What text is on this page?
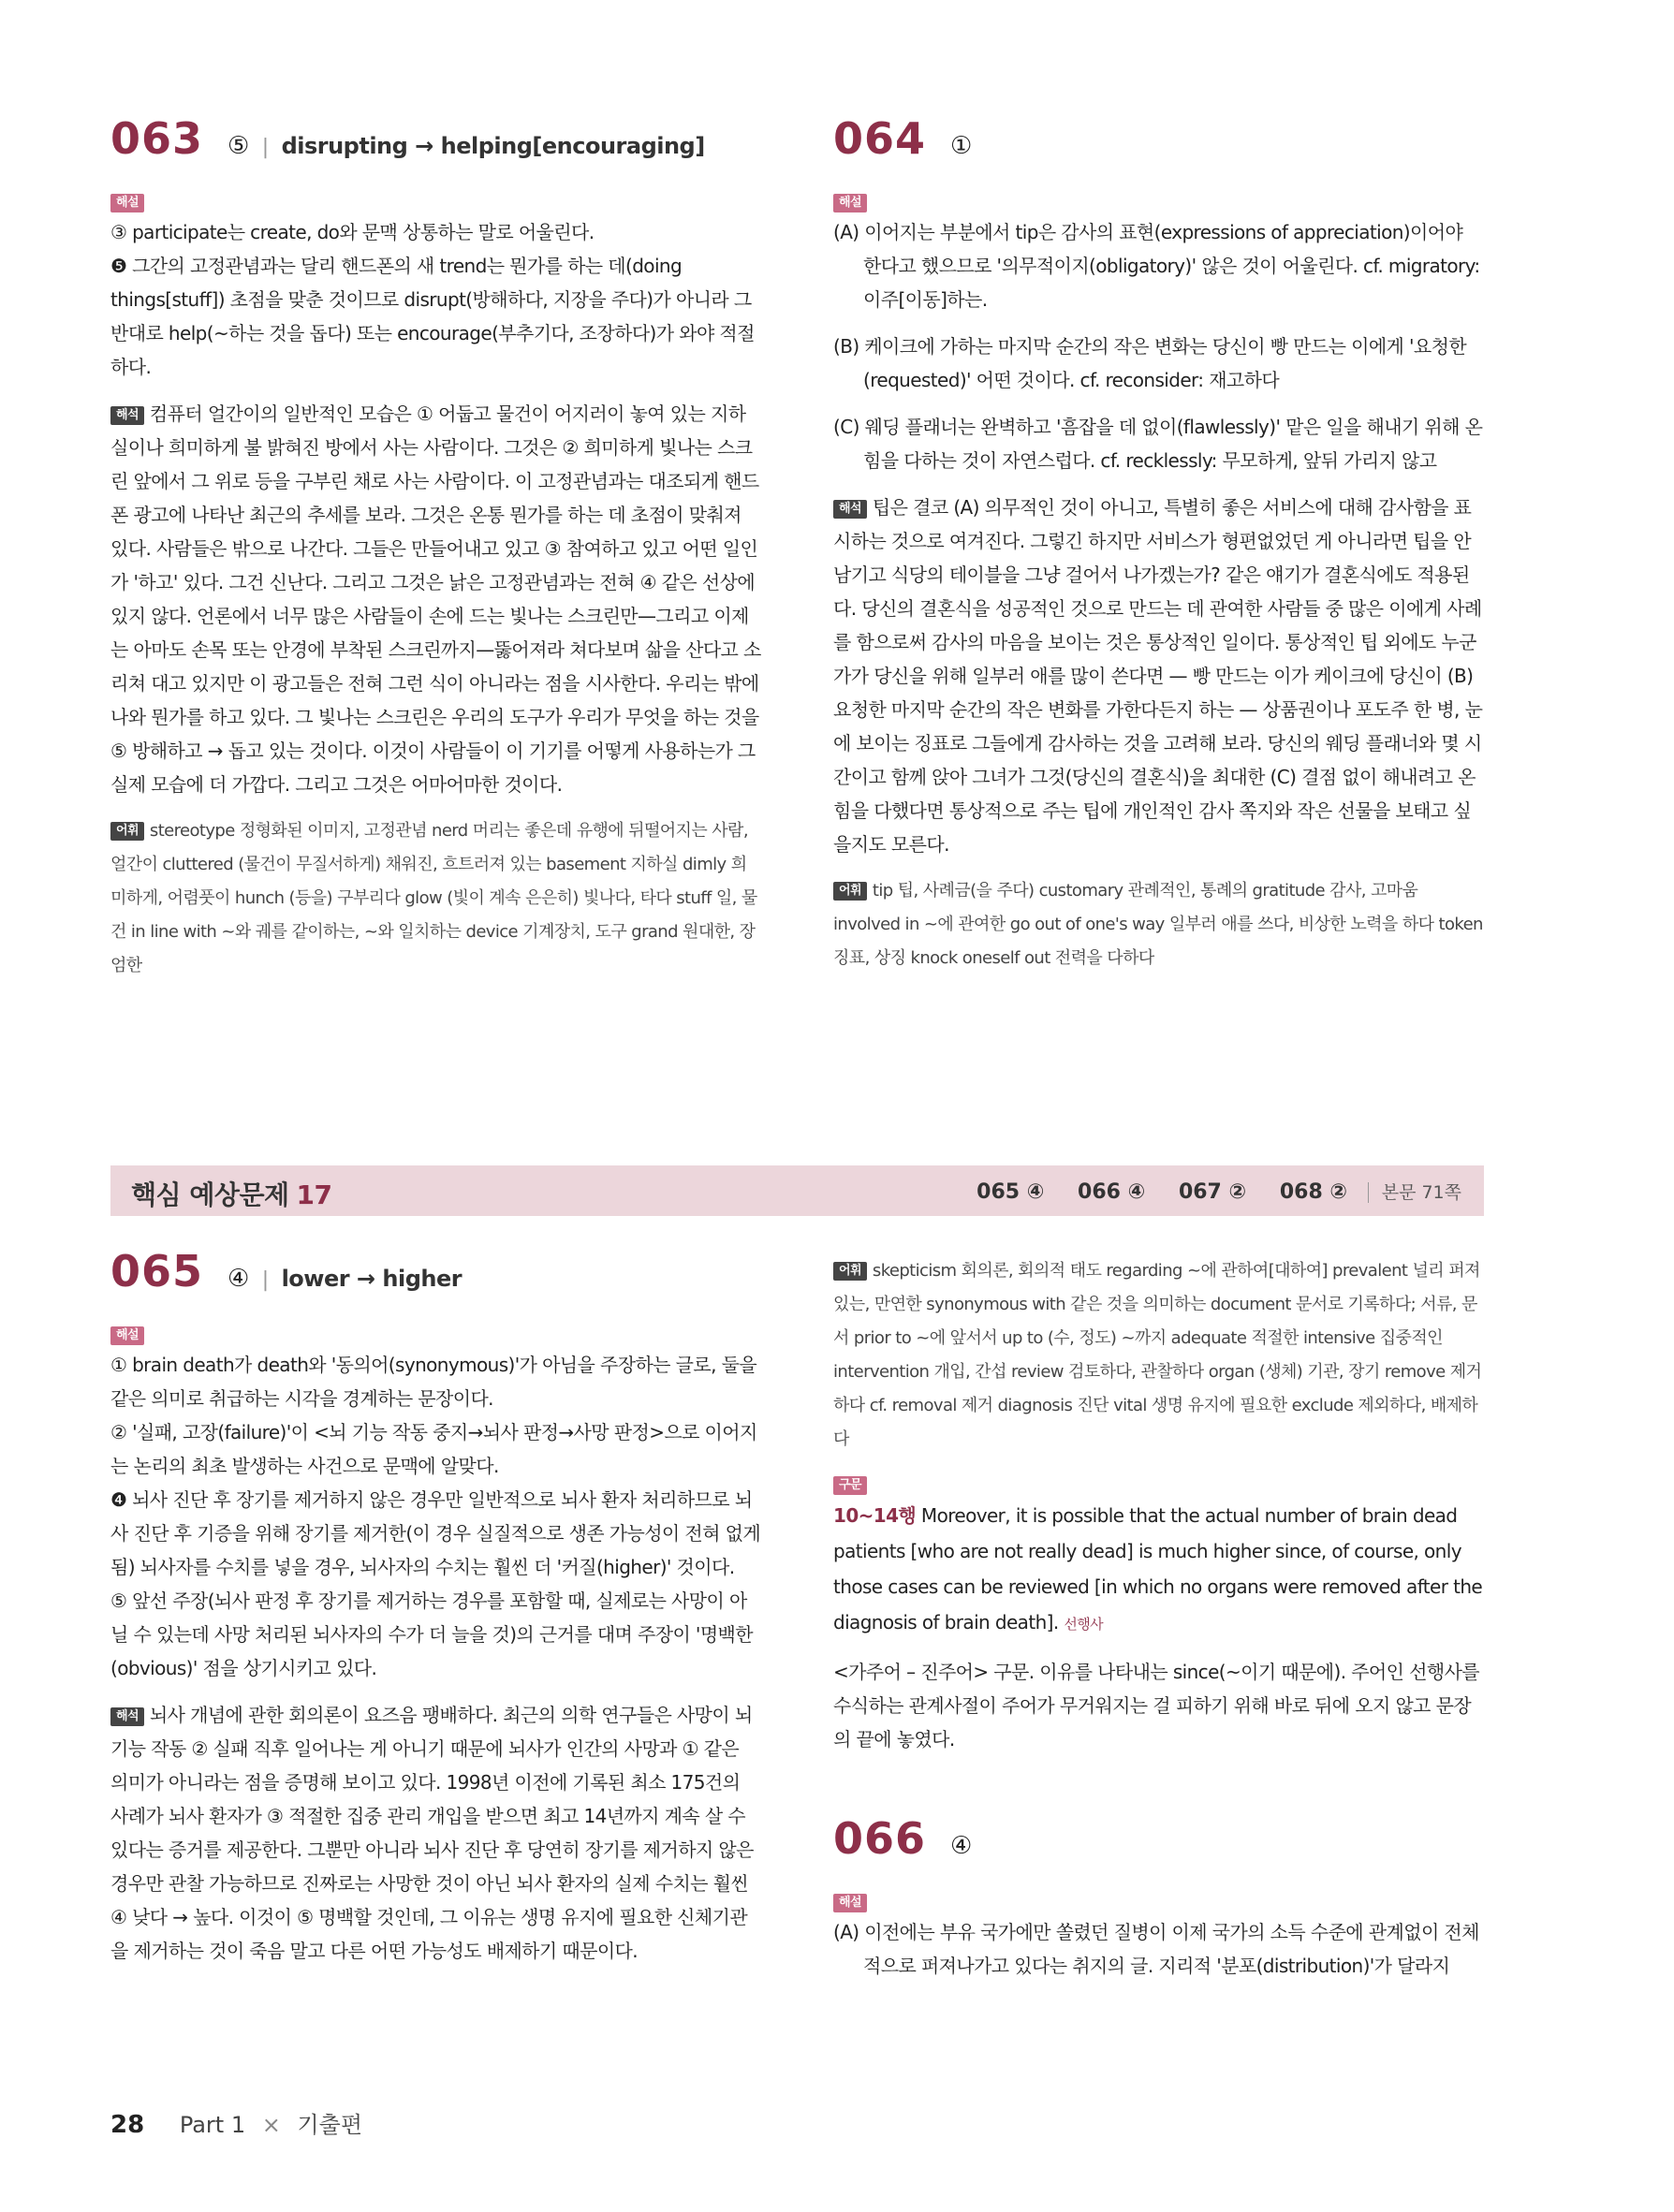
063 ⑤ | disrupting → helping[encouraging]
해설

③ participate는 create, do와 문맥 상통하는 말로 어울린다.

❺ 그간의 고정관념과는 달리 핸드폰의 새 trend는 뭔가를 하는 데(doing things[stuff]) 초점을 맞춘 것이므로 disrupt(방해하다, 지장을 주다)가 아니라 그 반대로 help(~하는 것을 돕다) 또는 encourage(부추기다, 조장하다)가 와야 적절하다.

해석 컴퓨터 얼간이의 일반적인 모습은 ① 어둡고 물건이 어지러이 놓여 있는 지하실이나 희미하게 불 밝혀진 방에서 사는 사람이다. 그것은 ② 희미하게 빛나는 스크린 앞에서 그 위로 등을 구부린 채로 사는 사람이다. 이 고정관념과는 대조되게 핸드폰 광고에 나타난 최근의 추세를 보라. 그것은 온통 뭔가를 하는 데 초점이 맞춰져 있다. 사람들은 밖으로 나간다. 그들은 만들어내고 있고 ③ 참여하고 있고 어떤 일인가 '하고' 있다. 그건 신난다. 그리고 그것은 낡은 고정관념과는 전혀 ④ 같은 선상에 있지 않다. 언론에서 너무 많은 사람들이 손에 드는 빛나는 스크린만—그리고 이제는 아마도 손목 또는 안경에 부착된 스크린까지—뚫어져라 쳐다보며 삶을 산다고 소리쳐 대고 있지만 이 광고들은 전혀 그런 식이 아니라는 점을 시사한다. 우리는 밖에 나와 뭔가를 하고 있다. 그 빛나는 스크린은 우리의 도구가 우리가 무엇을 하는 것을 ⑤ 방해하고 → 돕고 있는 것이다. 이것이 사람들이 이 기기를 어떻게 사용하는가 그 실제 모습에 더 가깝다. 그리고 그것은 어마어마한 것이다.

어휘 stereotype 정형화된 이미지, 고정관념 nerd 머리는 좋은데 유행에 뒤떨어지는 사람, 얼간이 cluttered (물건이 무질서하게) 채워진, 흐트러져 있는 basement 지하실 dimly 희미하게, 어렴풋이 hunch (등을) 구부리다 glow (빛이 계속 은은히) 빛나다, 타다 stuff 일, 물건 in line with ~와 궤를 같이하는, ~와 일치하는 device 기계장치, 도구 grand 원대한, 장엄한

064 ①
해설

(A) 이어지는 부분에서 tip은 감사의 표현(expressions of appreciation)이어야 한다고 했으므로 '의무적이지(obligatory)' 않은 것이 어울린다. cf. migratory: 이주[이동]하는.

(B) 케이크에 가하는 마지막 순간의 작은 변화는 당신이 빵 만드는 이에게 '요청한(requested)' 어떤 것이다. cf. reconsider: 재고하다

(C) 웨딩 플래너는 완벽하고 '흠잡을 데 없이(flawlessly)' 맡은 일을 해내기 위해 온 힘을 다하는 것이 자연스럽다. cf. recklessly: 무모하게, 앞뒤 가리지 않고

해석 팁은 결코 (A) 의무적인 것이 아니고, 특별히 좋은 서비스에 대해 감사함을 표시하는 것으로 여겨진다. 그렇긴 하지만 서비스가 형편없었던 게 아니라면 팁을 안 남기고 식당의 테이블을 그냥 걸어서 나가겠는가? 같은 얘기가 결혼식에도 적용된다. 당신의 결혼식을 성공적인 것으로 만드는 데 관여한 사람들 중 많은 이에게 사례를 함으로써 감사의 마음을 보이는 것은 통상적인 일이다. 통상적인 팁 외에도 누군가가 당신을 위해 일부러 애를 많이 쓴다면 — 빵 만드는 이가 케이크에 당신이 (B) 요청한 마지막 순간의 작은 변화를 가한다든지 하는 — 상품권이나 포도주 한 병, 눈에 보이는 징표로 그들에게 감사하는 것을 고려해 보라. 당신의 웨딩 플래너와 몇 시간이고 함께 앉아 그녀가 그것(당신의 결혼식)을 최대한 (C) 결점 없이 해내려고 온 힘을 다했다면 통상적으로 주는 팁에 개인적인 감사 쪽지와 작은 선물을 보태고 싶을지도 모른다.

어휘 tip 팁, 사례금(을 주다) customary 관례적인, 통례의 gratitude 감사, 고마움 involved in ~에 관여한 go out of one's way 일부러 애를 쓰다, 비상한 노력을 하다 token 징표, 상징 knock oneself out 전력을 다하다

핵심 예상문제 17	065 ④ 066 ④ 067 ② 068 ② 본문 71쪽
065 ④ | lower → higher
해설

① brain death가 death와 '동의어(synonymous)'가 아님을 주장하는 글로, 둘을 같은 의미로 취급하는 시각을 경계하는 문장이다.

② '실패, 고장(failure)'이 <뇌 기능 작동 중지→뇌사 판정→사망 판정>으로 이어지는 논리의 최초 발생하는 사건으로 문맥에 알맞다.

❹ 뇌사 진단 후 장기를 제거하지 않은 경우만 일반적으로 뇌사 환자 처리하므로 뇌사 진단 후 기증을 위해 장기를 제거한(이 경우 실질적으로 생존 가능성이 전혀 없게 됨) 뇌사자를 수치를 넣을 경우, 뇌사자의 수치는 훨씬 더 '커질(higher)' 것이다.

⑤ 앞선 주장(뇌사 판정 후 장기를 제거하는 경우를 포함할 때, 실제로는 사망이 아닐 수 있는데 사망 처리된 뇌사자의 수가 더 늘을 것)의 근거를 대며 주장이 '명백한(obvious)' 점을 상기시키고 있다.

해석 뇌사 개념에 관한 회의론이 요즈음 팽배하다. 최근의 의학 연구들은 사망이 뇌 기능 작동 ② 실패 직후 일어나는 게 아니기 때문에 뇌사가 인간의 사망과 ① 같은 의미가 아니라는 점을 증명해 보이고 있다. 1998년 이전에 기록된 최소 175건의 사례가 뇌사 환자가 ③ 적절한 집중 관리 개입을 받으면 최고 14년까지 계속 살 수 있다는 증거를 제공한다. 그뿐만 아니라 뇌사 진단 후 당연히 장기를 제거하지 않은 경우만 관찰 가능하므로 진짜로는 사망한 것이 아닌 뇌사 환자의 실제 수치는 훨씬 ④ 낮다 → 높다. 이것이 ⑤ 명백할 것인데, 그 이유는 생명 유지에 필요한 신체기관을 제거하는 것이 죽음 말고 다른 어떤 가능성도 배제하기 때문이다.

어휘 skepticism 회의론, 회의적 태도 regarding ~에 관하여[대하여] prevalent 널리 퍼져 있는, 만연한 synonymous with 같은 것을 의미하는 document 문서로 기록하다; 서류, 문서 prior to ~에 앞서서 up to (수, 정도) ~까지 adequate 적절한 intensive 집중적인 intervention 개입, 간섭 review 검토하다, 관찰하다 organ (생체) 기관, 장기 remove 제거하다 cf. removal 제거 diagnosis 진단 vital 생명 유지에 필요한 exclude 제외하다, 배제하다

구문

10~14행 Moreover, it is possible that the actual number of brain dead patients [who are not really dead] is much higher since, of course, only those cases can be reviewed [in which no organs were removed after the diagnosis of brain death]. 선행사

<가주어 – 진주어> 구문. 이유를 나타내는 since(~이기 때문에). 주어인 선행사를 수식하는 관계사절이 주어가 무거워지는 걸 피하기 위해 바로 뒤에 오지 않고 문장의 끝에 놓였다.

066 ④
해설

(A) 이전에는 부유 국가에만 쏠렸던 질병이 이제 국가의 소득 수준에 관계없이 전체적으로 퍼져나가고 있다는 취지의 글. 지리적 '분포(distribution)'가 달라지

28 Part 1 × 기출편
